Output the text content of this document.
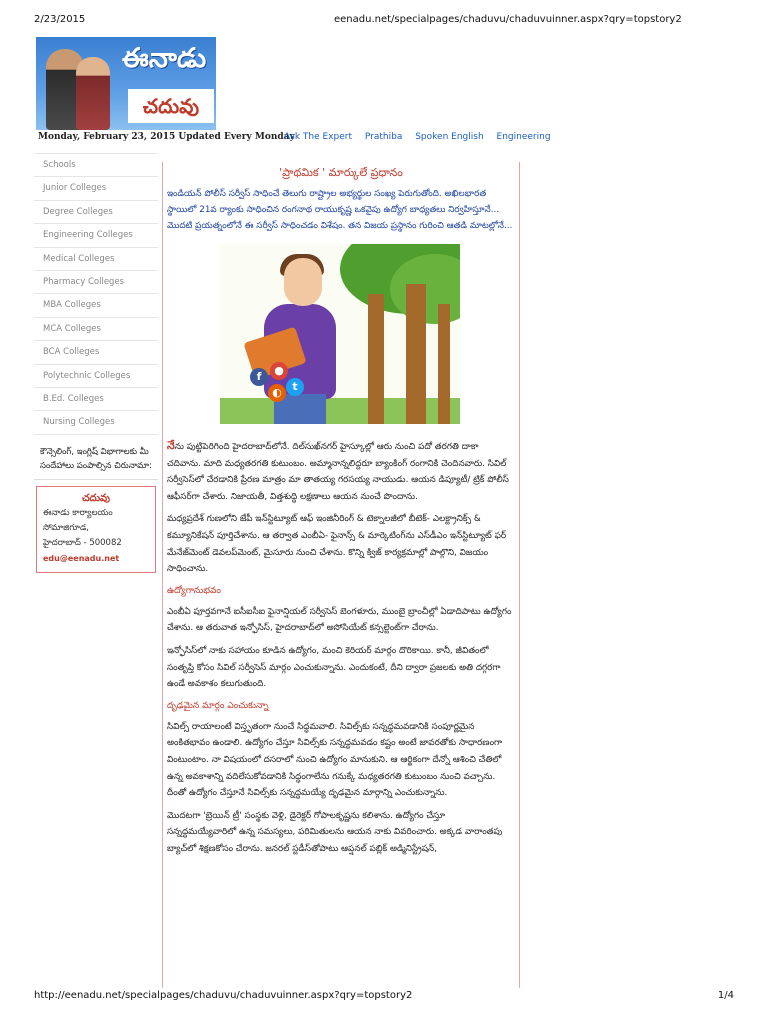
2/23/2015	eenadu.net/specialpages/chaduvu/chaduvuinner.aspx?qry=topstory2
ఈనాడు
చదువు
Monday, February 23, 2015 Updated Every Monday
Ask The Expert Prathiba Spoken English Engineering
Schools
Junior Colleges
Degree Colleges
Engineering Colleges
Medical Colleges
Pharmacy Colleges
MBA Colleges
MCA Colleges
BCA Colleges
Polytechnic Colleges
B.Ed. Colleges
Nursing Colleges
కౌన్సెలింగ్, ఇంగ్లిష్ విభాగాలకు మీ సందేహాలు పంపాల్సిన చిరునామా:
చదువు
ఈనాడు కార్యాలయం
సోమాజిగూడ,
హైదరాబాద్ - 500082
edu@eenadu.net
'ప్రాథమిక ' మార్కులే ప్రధానం
ఇండియన్ పోలీస్ సర్వీస్ సాధించే తెలుగు రాష్ట్రాల అభ్యర్థుల సంఖ్య పెరుగుతోంది. అఖిలభారత స్థాయిలో 21వ ర్యాంకు సాధించిన రంగనాథ రాయుకృష్ణ ఒకవైపు ఉద్యోగ బాధ్యతలు నిర్వహిస్తూనే... మొదటి ప్రయత్నంలోనే ఈ సర్వీస్ సాధించడం విశేషం. తన విజయ ప్రస్థానం గురించి ఆతడి మాటల్లోనే...
f	●
◐ t
నేను పుట్టిపెరిగింది హైదరాబాద్‌లోనే. దిల్‌సుఖ్‌నగర్ హైస్కూల్లో ఆరు నుంచి పదో తరగతి దాకా చదివాను. మాది మధ్యతరగతి కుటుంబం. అమ్మానాన్నలిద్దరూ బ్యాంకింగ్ రంగానికి చెందినవారు. సివిల్ సర్వీసెస్‌లో చేరడానికి ప్రేరణ మాత్రం మా తాతయ్య గరసయ్య నాయుడు. ఆయన డిప్యూటీ/ ట్రిక్ పోలీస్ ఆఫీసర్‌గా చేశారు. నిజాయతీ, విత్తశుద్ధి లక్షణాలు ఆయన నుంచే పొందాను.
మధ్యప్రదేశ్ గుణలోని జేపీ ఇన్‌స్టిట్యూట్ ఆఫ్ ఇంజినీరింగ్ & టెక్నాలజీలో బీటెక్- ఎలక్ట్రానిక్స్ & కమ్యూనికేషన్ పూర్తిచేశాను. ఆ తర్వాత ఎంబీఏ- ఫైనాన్స్ & మార్కెటింగ్‌ను ఎస్‌డీఎం ఇన్‌స్టిట్యూట్ ఫర్ మేనేజ్‌మెంట్ డెవలప్‌మెంట్, మైసూరు నుంచి చేశాను. కొన్ని క్విజ్ కార్యక్రమాల్లో పాల్గొని, విజయం సాధించాను.
ఉద్యోగానుభవం
ఎంబీఏ పూర్తవగానే ఐసీఐసీఐ ఫైనాన్షియల్ సర్వీసెస్ బెంగళూరు, ముంబై బ్రాంచీల్లో ఏడాదిపాటు ఉద్యోగం చేశాను. ఆ తరువాత ఇన్ఫోసిస్, హైదరాబాద్‌లో అసోసియేట్ కన్సల్టెంట్‌గా చేరాను.
ఇన్ఫోసిస్‌లో నాకు సహాయం కూడిన ఉద్యోగం, మంచి కెరియర్ మార్గం దొరికాయి. కానీ, జీవితంలో సంతృప్తి కోసం సివిల్ సర్వీసెస్ మార్గం ఎంచుకున్నాను. ఎందుకంటే, దీని ద్వారా ప్రజలకు అతి దగ్గరగా ఉండే అవకాశం కలుగుతుంది.
దృఢమైన మార్గం ఎంచుకున్నా
సివిల్స్ రాయాలంటే విస్తృతంగా నుంచే సిద్ధమవాలి. సివిల్స్‌కు సన్నద్ధమవడానికి సంపూర్ణమైన అంకితభావం ఉండాలి. ఉద్యోగం చేస్తూ సివిల్స్‌కు సన్నద్ధమవడం కష్టం అంటే జావరతోకు సాధారణంగా వింటుంటాం. నా విషయంలో దసరాలో నుంచి ఉద్యోగం మానుకుని. ఆ ఆర్థికంగా దేన్నో ఆశించి చేతిలో ఉన్న అవకాశాన్ని వదిలేసుకోవడానికి సిద్ధంగాలేను గనుక్కే మధ్యతరగతి కుటుంబం నుంచి వచ్చాను. దీంతో ఉద్యోగం చేస్తూనే సివిల్స్‌కు సన్నద్ధమయ్యే దృఢమైన మార్గాన్ని ఎంచుకున్నాను.
మొదటగా 'బ్రెయిన్ ట్రీ' సంస్థకు వెళ్లి, డైరెక్టర్ గోపాలకృష్ణను కలిశాను. ఉద్యోగం చేస్తూ సన్నద్ధమయ్యేవారిలో ఉన్న సమస్యలు, పరిమితులను ఆయన నాకు వివరించారు. అక్కడ వారాంతపు బ్యాచ్‌లో శిక్షణకోసం చేరాను. జనరల్ స్టడీస్‌తోపాటు ఆప్షనల్ పబ్లిక్ అడ్మినిస్ట్రేషన్,
http://eenadu.net/specialpages/chaduvu/chaduvuinner.aspx?qry=topstory2	1/4
